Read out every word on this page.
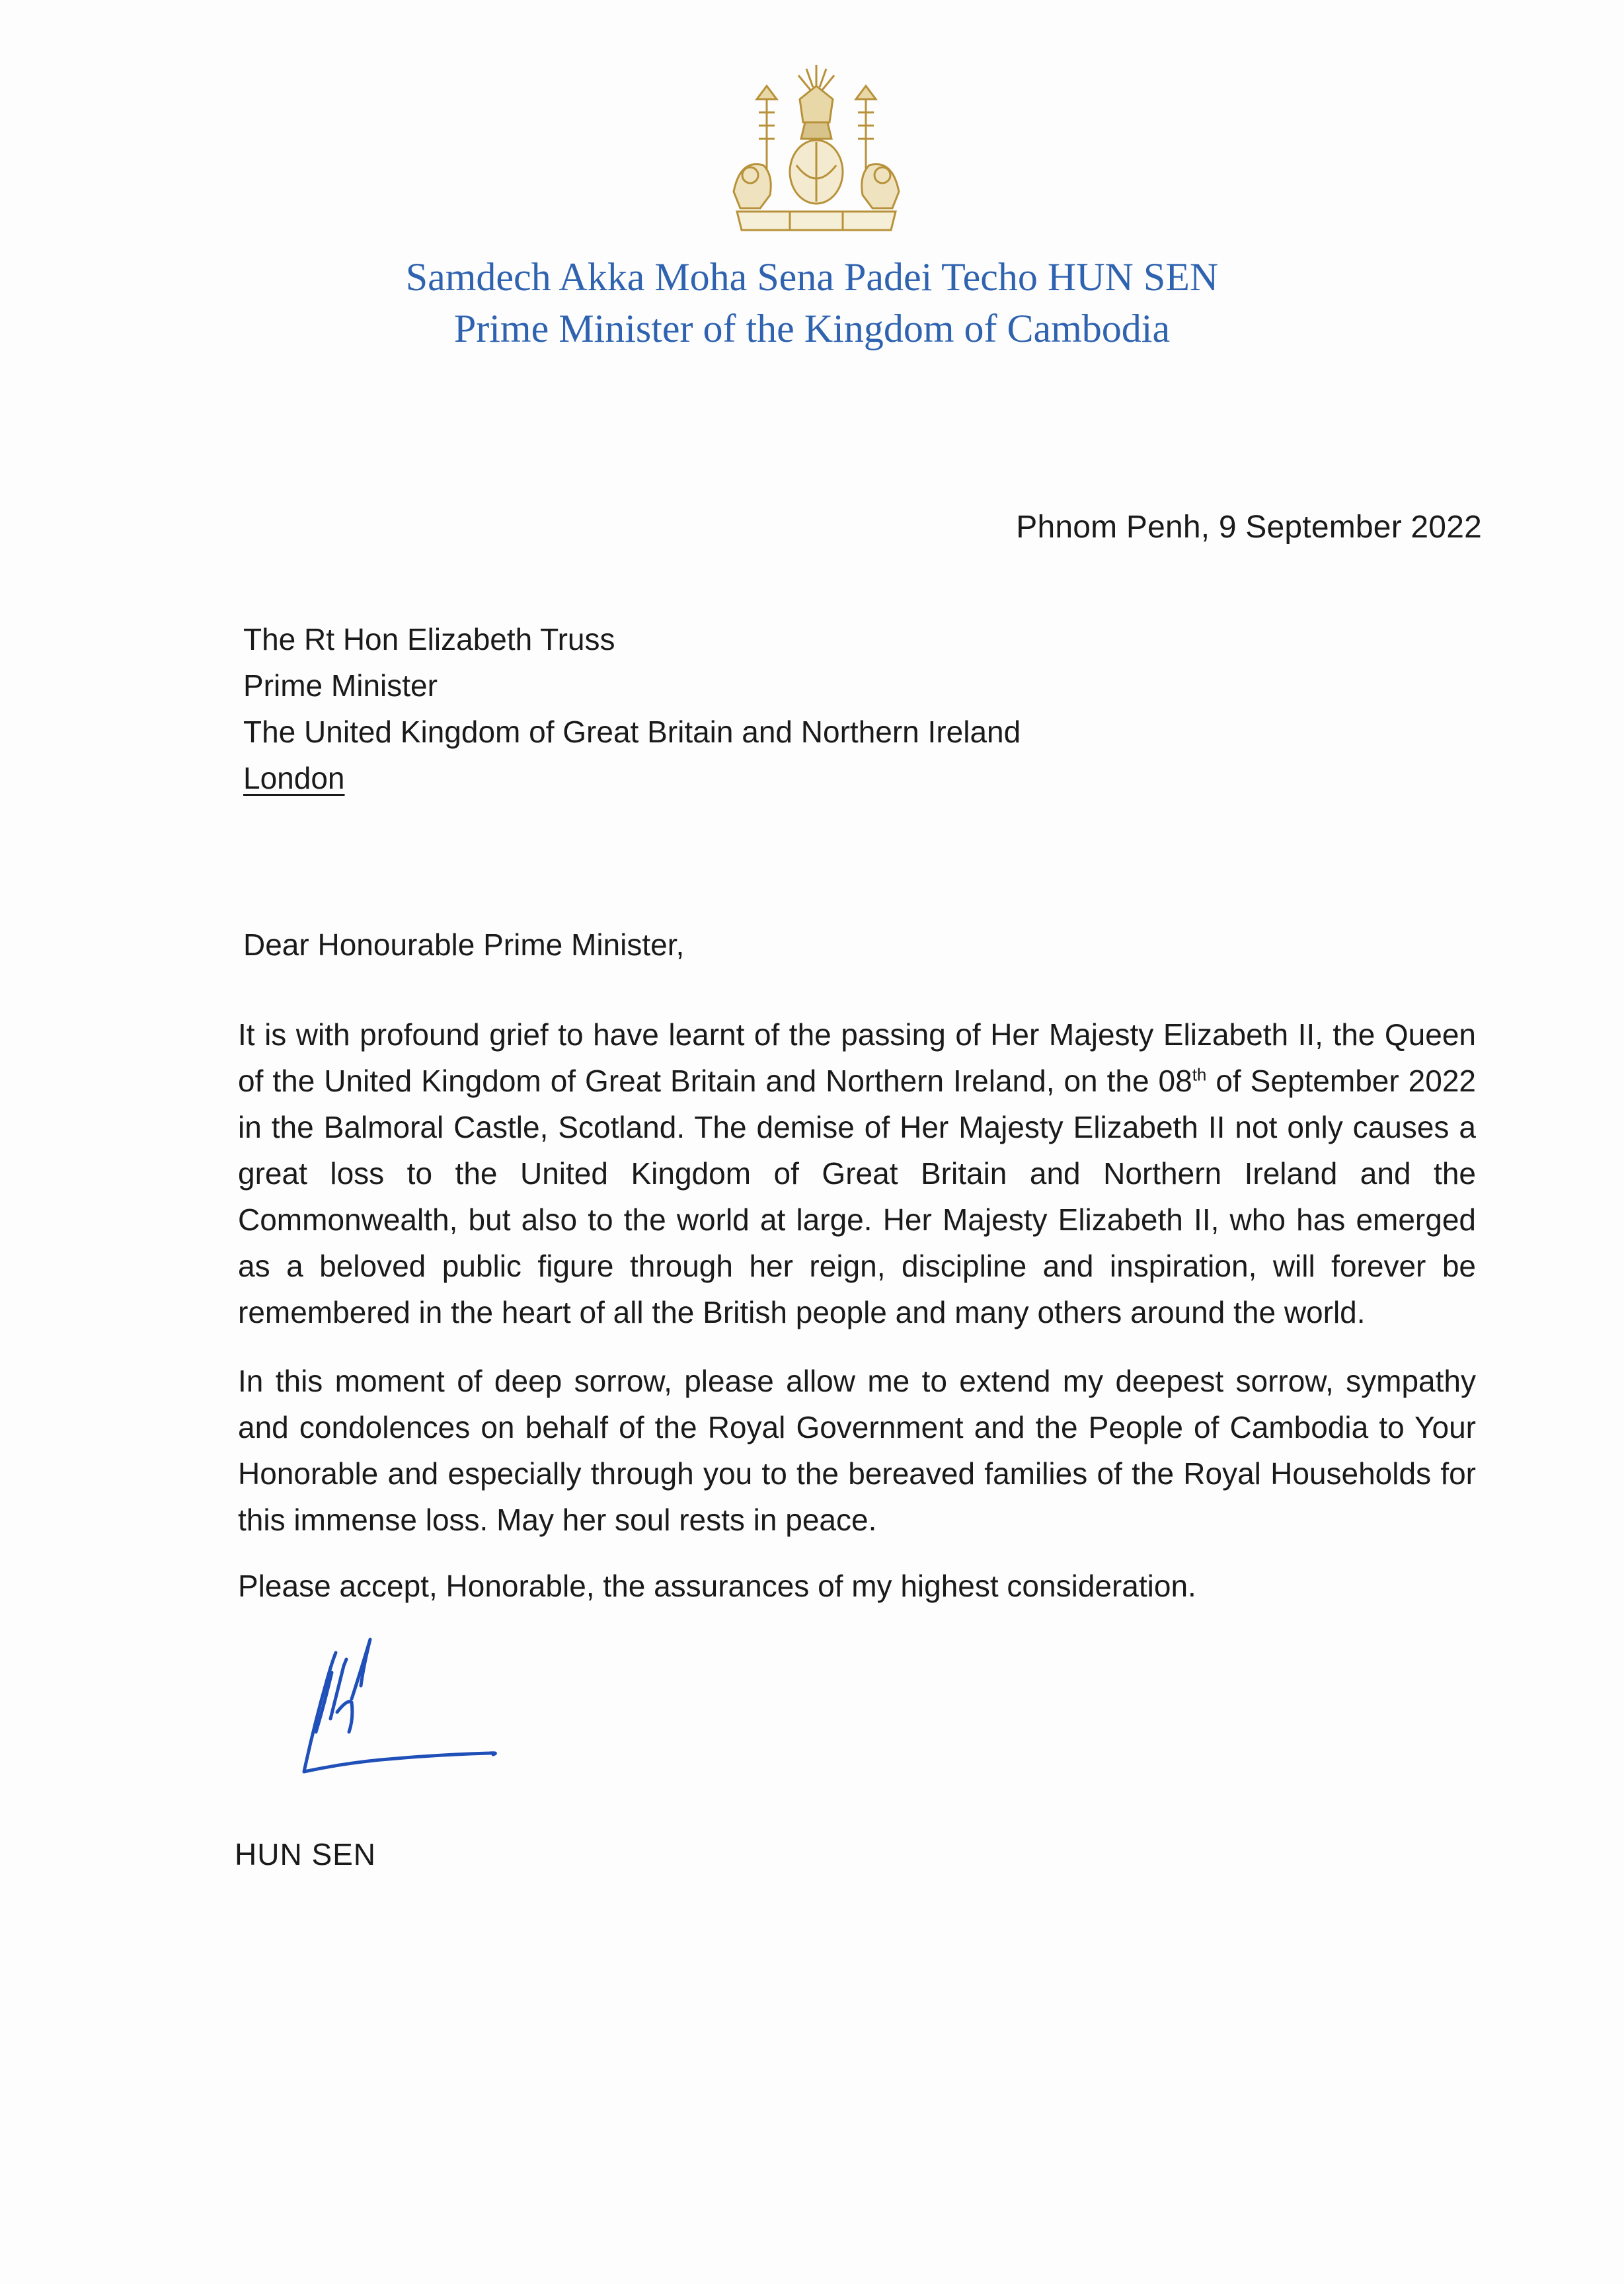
Samdech Akka Moha Sena Padei Techo HUN SEN
Prime Minister of the Kingdom of Cambodia
Phnom Penh, 9 September 2022
The Rt Hon Elizabeth Truss
Prime Minister
The United Kingdom of Great Britain and Northern Ireland
London
Dear Honourable Prime Minister,
It is with profound grief to have learnt of the passing of Her Majesty Elizabeth II, the Queen of the United Kingdom of Great Britain and Northern Ireland, on the 08th of September 2022 in the Balmoral Castle, Scotland. The demise of Her Majesty Elizabeth II not only causes a great loss to the United Kingdom of Great Britain and Northern Ireland and the Commonwealth, but also to the world at large. Her Majesty Elizabeth II, who has emerged as a beloved public figure through her reign, discipline and inspiration, will forever be remembered in the heart of all the British people and many others around the world.
In this moment of deep sorrow, please allow me to extend my deepest sorrow, sympathy and condolences on behalf of the Royal Government and the People of Cambodia to Your Honorable and especially through you to the bereaved families of the Royal Households for this immense loss. May her soul rests in peace.
Please accept, Honorable, the assurances of my highest consideration.
HUN SEN
